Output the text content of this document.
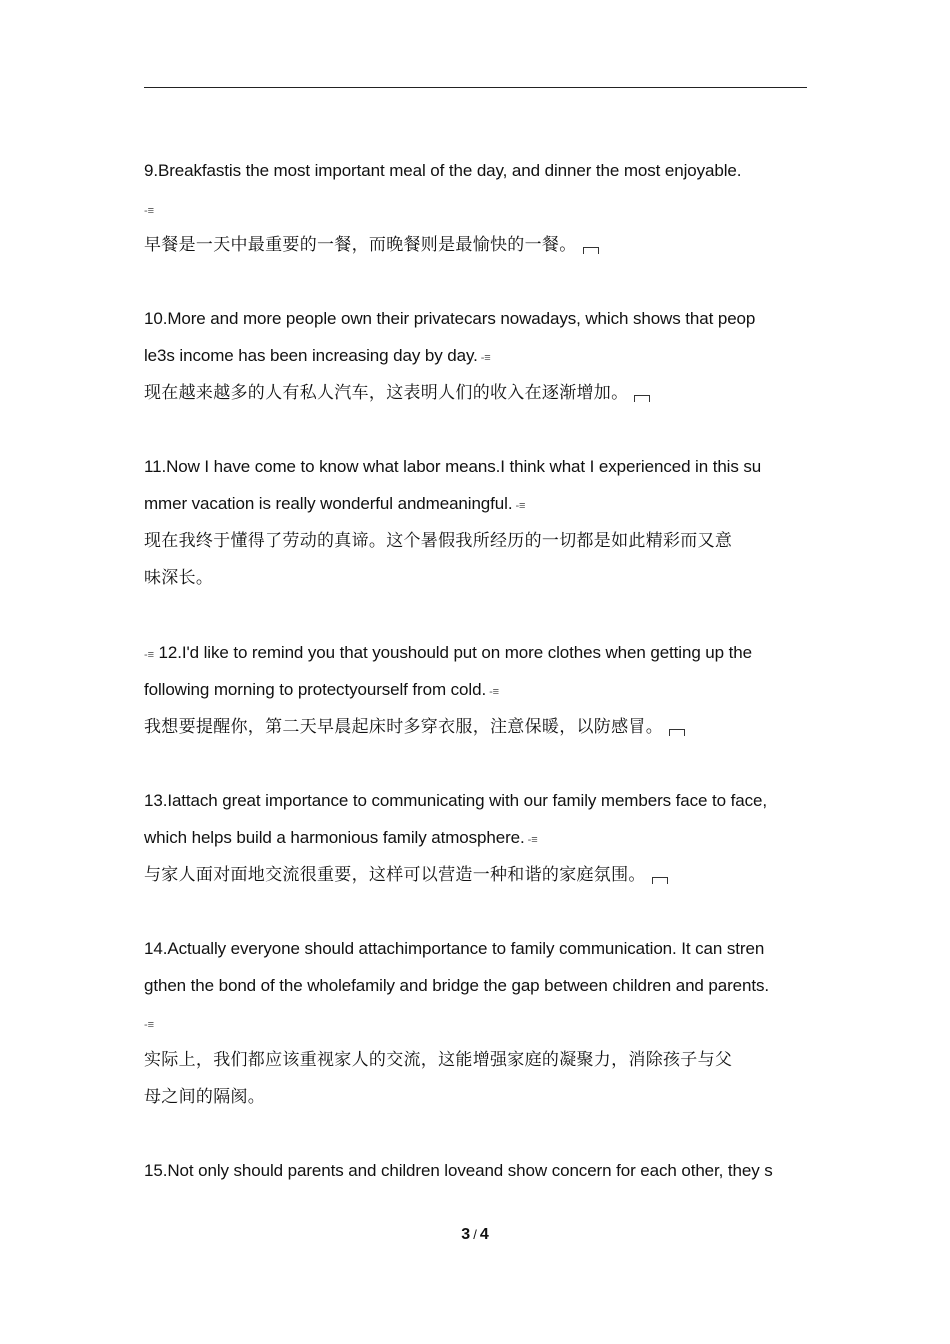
9.Breakfastis the most important meal of the day, and dinner the most enjoyable.
-≡
早餐是一天中最重要的一餐，而晚餐则是最愉快的一餐。
10.More and more people own their privatecars nowadays, which shows that peop
le3s income has been increasing day by day. -≡
现在越来越多的人有私人汽车，这表明人们的收入在逐渐增加。
11.Now I have come to know what labor means.I think what I experienced in this su
mmer vacation is really wonderful andmeaningful. -≡
现在我终于懂得了劳动的真谛。这个暑假我所经历的一切都是如此精彩而又意
味深长。
-≡ 12.I'd like to remind you that youshould put on more clothes when getting up the
following morning to protectyourself from cold. -≡
我想要提醒你，第二天早晨起床时多穿衣服，注意保暖，以防感冒。
13.Iattach great importance to communicating with our family members face to face,
which helps build a harmonious family atmosphere. -≡
与家人面对面地交流很重要，这样可以营造一种和谐的家庭氛围。
14.Actually everyone should attachimportance to family communication. It can stren
gthen the bond of the wholefamily and bridge the gap between children and parents.
-≡
实际上，我们都应该重视家人的交流，这能增强家庭的凝聚力，消除孩子与父
母之间的隔阂。
15.Not only should parents and children loveand show concern for each other, they s
3 / 4
